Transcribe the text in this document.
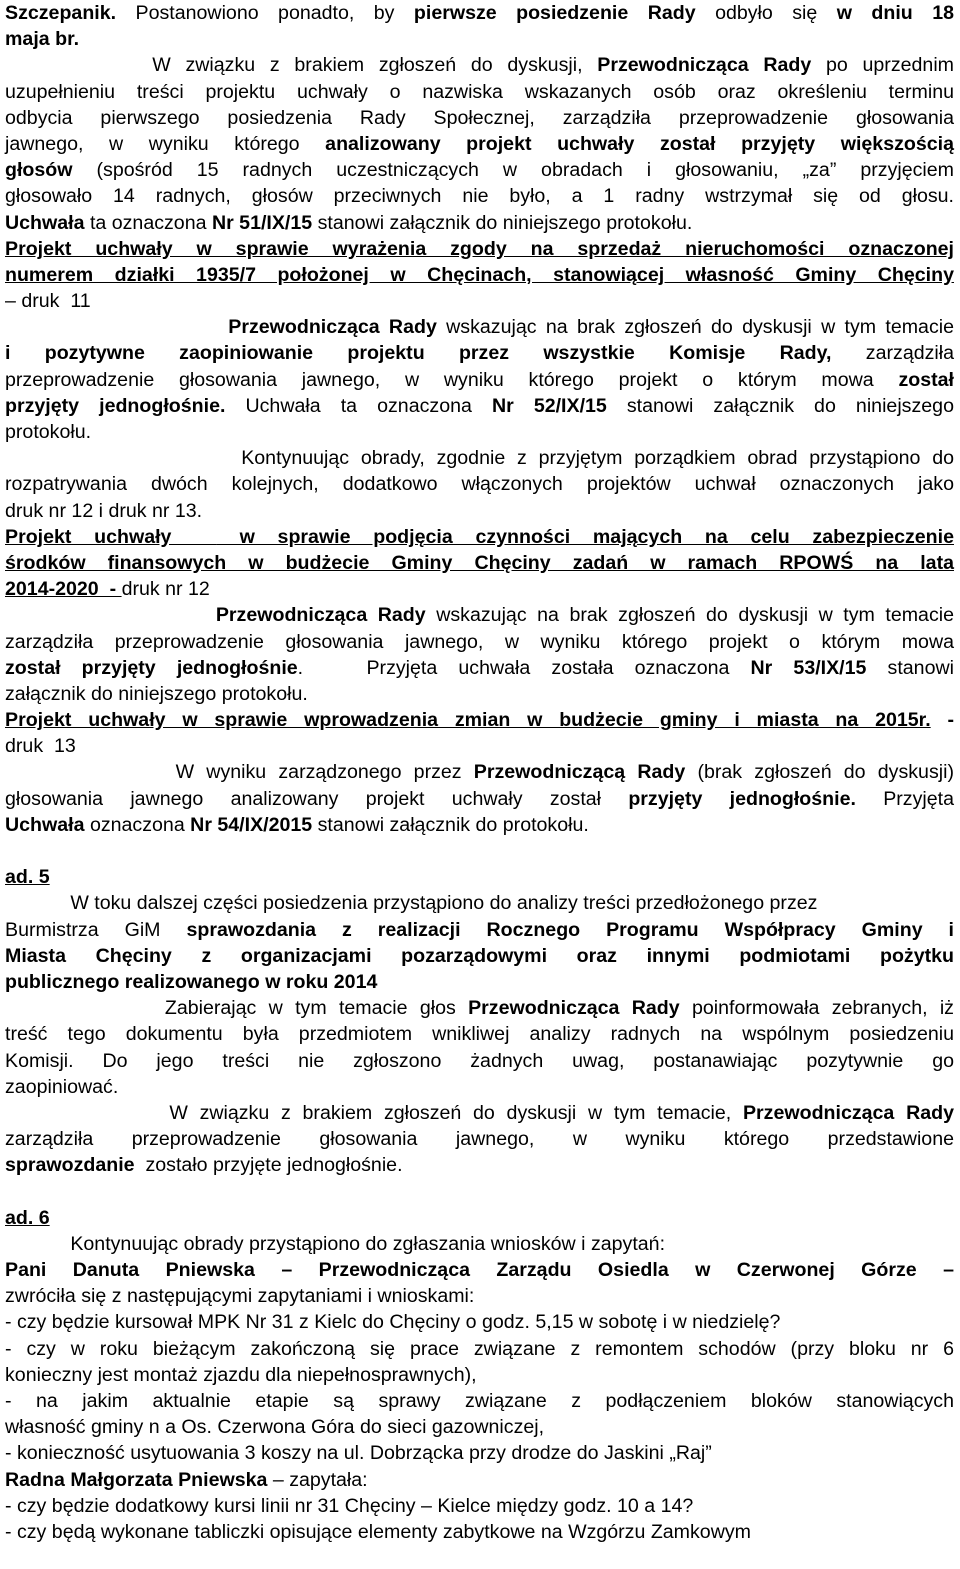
Szczepanik. Postanowiono ponadto, by pierwsze posiedzenie Rady odbyło się w dniu 18
maja br.
W związku z brakiem zgłoszeń do dyskusji, Przewodnicząca Rady po uprzednim
uzupełnieniu treści projektu uchwały o nazwiska wskazanych osób oraz określeniu terminu
odbycia pierwszego posiedzenia Rady Społecznej, zarządziła przeprowadzenie głosowania
jawnego, w wyniku którego analizowany projekt uchwały został przyjęty większością
głosów (spośród 15 radnych uczestniczących w obradach i głosowaniu, „za” przyjęciem
głosowało 14 radnych, głosów przeciwnych nie było, a 1 radny wstrzymał się od głosu.
Uchwała ta oznaczona Nr 51/IX/15 stanowi załącznik do niniejszego protokołu.
Projekt uchwały w sprawie wyrażenia zgody na sprzedaż nieruchomości oznaczonej
numerem działki 1935/7 położonej w Chęcinach, stanowiącej własność Gminy Chęciny
– druk  11
Przewodnicząca Rady wskazując na brak zgłoszeń do dyskusji w tym temacie
i pozytywne zaopiniowanie projektu przez wszystkie Komisje Rady, zarządziła
przeprowadzenie głosowania jawnego, w wyniku którego projekt o którym mowa został
przyjęty jednogłośnie. Uchwała ta oznaczona Nr 52/IX/15 stanowi załącznik do niniejszego
protokołu.
Kontynuując obrady, zgodnie z przyjętym porządkiem obrad przystąpiono do
rozpatrywania dwóch kolejnych, dodatkowo włączonych projektów uchwał oznaczonych jako
druk nr 12 i druk nr 13.
Projekt uchwały   w sprawie podjęcia czynności mających na celu zabezpieczenie
środków finansowych w budżecie Gminy Chęciny zadań w ramach RPOWŚ na lata
2014-2020  - druk nr 12
Przewodnicząca Rady wskazując na brak zgłoszeń do dyskusji w tym temacie
zarządziła przeprowadzenie głosowania jawnego, w wyniku którego projekt o którym mowa
został przyjęty jednogłośnie.   Przyjęta uchwała została oznaczona Nr 53/IX/15 stanowi
załącznik do niniejszego protokołu.
Projekt uchwały w sprawie wprowadzenia zmian w budżecie gminy i miasta na 2015r. -
druk  13
W wyniku zarządzonego przez Przewodniczącą Rady (brak zgłoszeń do dyskusji)
głosowania jawnego analizowany projekt uchwały został przyjęty jednogłośnie. Przyjęta
Uchwała oznaczona Nr 54/IX/2015 stanowi załącznik do protokołu.
ad. 5
W toku dalszej części posiedzenia przystąpiono do analizy treści przedłożonego przez
Burmistrza GiM sprawozdania z realizacji Rocznego Programu Współpracy Gminy i
Miasta Chęciny z organizacjami pozarządowymi oraz innymi podmiotami pożytku
publicznego realizowanego w roku 2014
Zabierając w tym temacie głos Przewodnicząca Rady poinformowała zebranych, iż
treść tego dokumentu była przedmiotem wnikliwej analizy radnych na wspólnym posiedzeniu
Komisji. Do jego treści nie zgłoszono żadnych uwag, postanawiając pozytywnie go
zaopiniować.
W związku z brakiem zgłoszeń do dyskusji w tym temacie, Przewodnicząca Rady
zarządziła przeprowadzenie głosowania jawnego, w wyniku którego przedstawione
sprawozdanie  zostało przyjęte jednogłośnie.
ad. 6
Kontynuując obrady przystąpiono do zgłaszania wniosków i zapytań:
Pani Danuta Pniewska – Przewodnicząca Zarządu Osiedla w Czerwonej Górze –
zwróciła się z następującymi zapytaniami i wnioskami:
- czy będzie kursował MPK Nr 31 z Kielc do Chęciny o godz. 5,15 w sobotę i w niedzielę?
- czy w roku bieżącym zakończoną się prace związane z remontem schodów (przy bloku nr 6
konieczny jest montaż zjazdu dla niepełnosprawnych),
- na jakim aktualnie etapie są sprawy związane z podłączeniem bloków stanowiących
własność gminy n a Os. Czerwona Góra do sieci gazowniczej,
- konieczność usytuowania 3 koszy na ul. Dobrzącka przy drodze do Jaskini „Raj”
Radna Małgorzata Pniewska – zapytała:
- czy będzie dodatkowy kursi linii nr 31 Chęciny – Kielce między godz. 10 a 14?
- czy będą wykonane tabliczki opisujące elementy zabytkowe na Wzgórzu Zamkowym
